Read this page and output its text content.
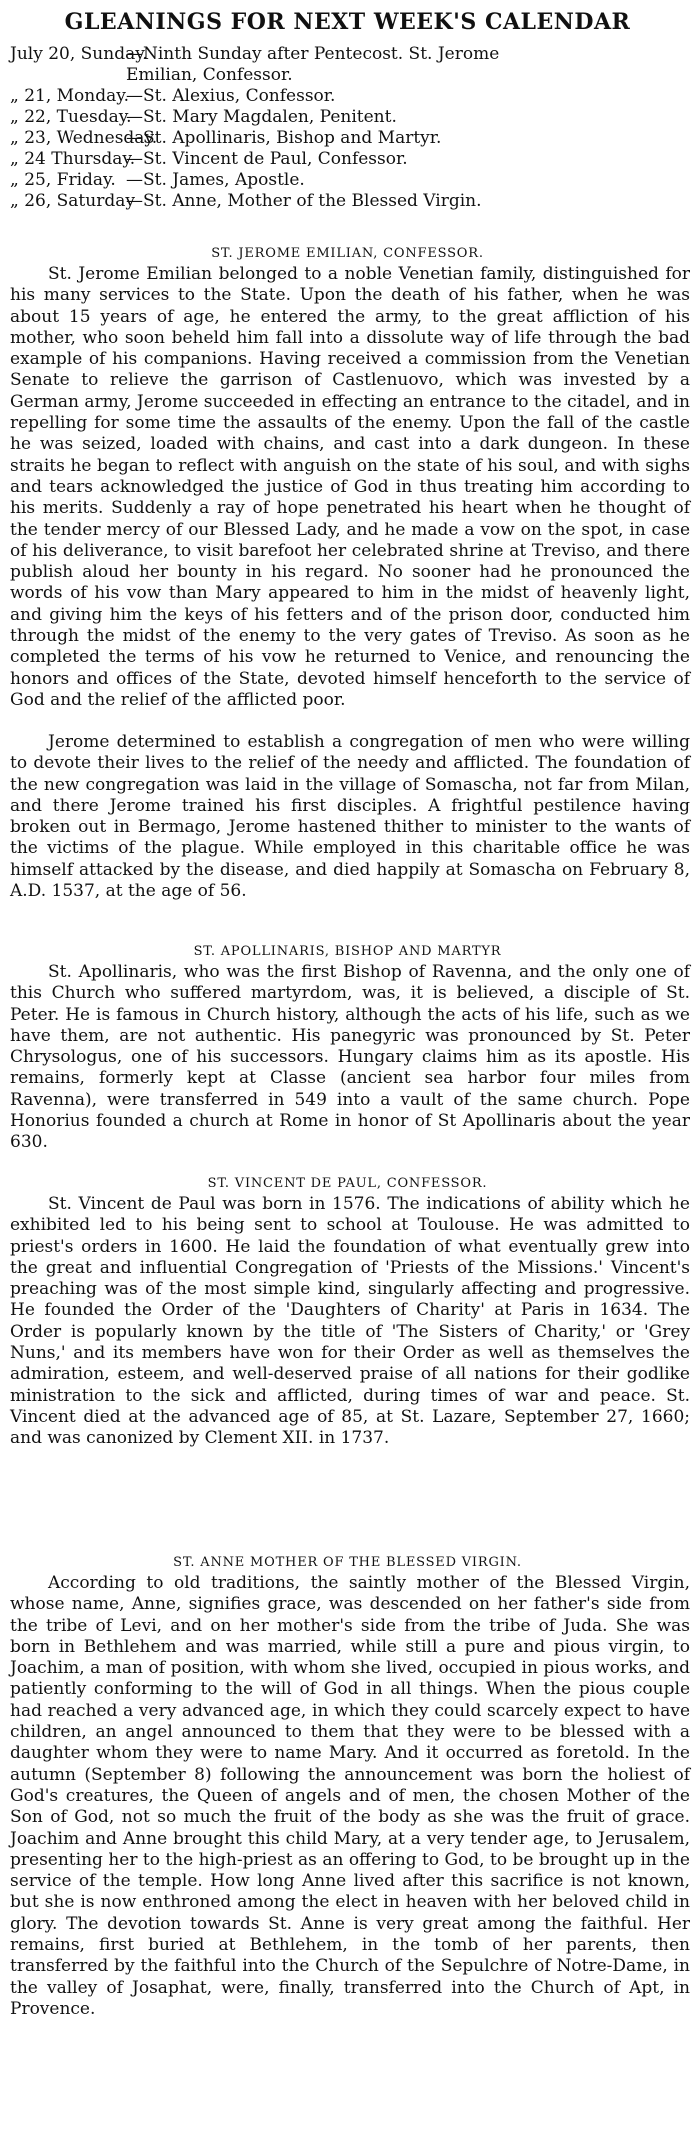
GLEANINGS FOR NEXT WEEK'S CALENDAR
July 20, Sunday.—Ninth Sunday after Pentecost. St. Jerome
Emilian, Confessor.
„ 21, Monday.—St. Alexius, Confessor.
„ 22, Tuesday.—St. Mary Magdalen, Penitent.
„ 23, Wednesday.—St. Apollinaris, Bishop and Martyr.
„ 24 Thursday.—St. Vincent de Paul, Confessor.
„ 25, Friday. —St. James, Apostle.
„ 26, Saturday—St. Anne, Mother of the Blessed Virgin.
ST. JEROME EMILIAN, CONFESSOR.
St. Jerome Emilian belonged to a noble Venetian family, distinguished for his many services to the State. Upon the death of his father, when he was about 15 years of age, he entered the army, to the great affliction of his mother, who soon beheld him fall into a dissolute way of life through the bad example of his companions. Having received a commission from the Venetian Senate to relieve the garrison of Castlenuovo, which was invested by a German army, Jerome succeeded in effecting an entrance to the citadel, and in repelling for some time the assaults of the enemy. Upon the fall of the castle he was seized, loaded with chains, and cast into a dark dungeon. In these straits he began to reflect with anguish on the state of his soul, and with sighs and tears acknowledged the justice of God in thus treating him according to his merits. Suddenly a ray of hope penetrated his heart when he thought of the tender mercy of our Blessed Lady, and he made a vow on the spot, in case of his deliverance, to visit barefoot her celebrated shrine at Treviso, and there publish aloud her bounty in his regard. No sooner had he pronounced the words of his vow than Mary appeared to him in the midst of heavenly light, and giving him the keys of his fetters and of the prison door, conducted him through the midst of the enemy to the very gates of Treviso. As soon as he completed the terms of his vow he returned to Venice, and renouncing the honors and offices of the State, devoted himself henceforth to the service of God and the relief of the afflicted poor.
Jerome determined to establish a congregation of men who were willing to devote their lives to the relief of the needy and afflicted. The foundation of the new congregation was laid in the village of Somascha, not far from Milan, and there Jerome trained his first disciples. A frightful pestilence having broken out in Bermago, Jerome hastened thither to minister to the wants of the victims of the plague. While employed in this charitable office he was himself attacked by the disease, and died happily at Somascha on February 8, A.D. 1537, at the age of 56.
ST. APOLLINARIS, BISHOP AND MARTYR
St. Apollinaris, who was the first Bishop of Ravenna, and the only one of this Church who suffered martyrdom, was, it is believed, a disciple of St. Peter. He is famous in Church history, although the acts of his life, such as we have them, are not authentic. His panegyric was pronounced by St. Peter Chrysologus, one of his successors. Hungary claims him as its apostle. His remains, formerly kept at Classe (ancient sea harbor four miles from Ravenna), were transferred in 549 into a vault of the same church. Pope Honorius founded a church at Rome in honor of St Apollinaris about the year 630.
ST. VINCENT DE PAUL, CONFESSOR.
St. Vincent de Paul was born in 1576. The indications of ability which he exhibited led to his being sent to school at Toulouse. He was admitted to priest's orders in 1600. He laid the foundation of what eventually grew into the great and influential Congregation of 'Priests of the Missions.' Vincent's preaching was of the most simple kind, singularly affecting and progressive. He founded the Order of the 'Daughters of Charity' at Paris in 1634. The Order is popularly known by the title of 'The Sisters of Charity,' or 'Grey Nuns,' and its members have won for their Order as well as themselves the admiration, esteem, and well-deserved praise of all nations for their godlike ministration to the sick and afflicted, during times of war and peace. St. Vincent died at the advanced age of 85, at St. Lazare, September 27, 1660; and was canonized by Clement XII. in 1737.
ST. ANNE MOTHER OF THE BLESSED VIRGIN.
According to old traditions, the saintly mother of the Blessed Virgin, whose name, Anne, signifies grace, was descended on her father's side from the tribe of Levi, and on her mother's side from the tribe of Juda. She was born in Bethlehem and was married, while still a pure and pious virgin, to Joachim, a man of position, with whom she lived, occupied in pious works, and patiently conforming to the will of God in all things. When the pious couple had reached a very advanced age, in which they could scarcely expect to have children, an angel announced to them that they were to be blessed with a daughter whom they were to name Mary. And it occurred as foretold. In the autumn (September 8) following the announcement was born the holiest of God's creatures, the Queen of angels and of men, the chosen Mother of the Son of God, not so much the fruit of the body as she was the fruit of grace. Joachim and Anne brought this child Mary, at a very tender age, to Jerusalem, presenting her to the high-priest as an offering to God, to be brought up in the service of the temple. How long Anne lived after this sacrifice is not known, but she is now enthroned among the elect in heaven with her beloved child in glory. The devotion towards St. Anne is very great among the faithful. Her remains, first buried at Bethlehem, in the tomb of her parents, then transferred by the faithful into the Church of the Sepulchre of Notre-Dame, in the valley of Josaphat, were, finally, transferred into the Church of Apt, in Provence.
